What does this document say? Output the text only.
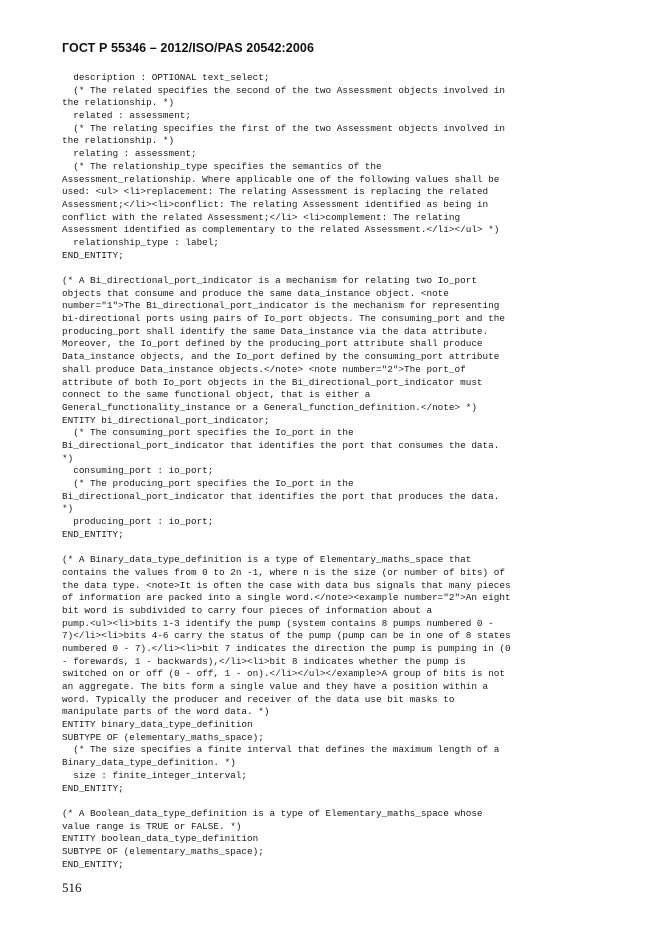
ГОСТ Р 55346 – 2012/ISO/PAS 20542:2006
description : OPTIONAL text_select;
(* The related specifies the second of the two Assessment objects involved in
the relationship. *)
related : assessment;
(* The relating specifies the first of the two Assessment objects involved in
the relationship. *)
relating : assessment;
(* The relationship_type specifies the semantics of the
Assessment_relationship. Where applicable one of the following values shall be
used: <ul> <li>replacement: The relating Assessment is replacing the related
Assessment;</li><li>conflict: The relating Assessment identified as being in
conflict with the related Assessment;</li> <li>complement: The relating
Assessment identified as complementary to the related Assessment.</li></ul> *)
relationship_type : label;
END_ENTITY;
(* A Bi_directional_port_indicator is a mechanism for relating two Io_port
objects that consume and produce the same data_instance object. <note
number="1">The Bi_directional_port_indicator is the mechanism for representing
bi-directional ports using pairs of Io_port objects. The consuming_port and the
producing_port shall identify the same Data_instance via the data attribute.
Moreover, the Io_port defined by the producing_port attribute shall produce
Data_instance objects, and the Io_port defined by the consuming_port attribute
shall produce Data_instance objects.</note> <note number="2">The port_of
attribute of both Io_port objects in the Bi_directional_port_indicator must
connect to the same functional object, that is either a
General_functionality_instance or a General_function_definition.</note> *)
ENTITY bi_directional_port_indicator;
(* The consuming_port specifies the Io_port in the
Bi_directional_port_indicator that identifies the port that consumes the data.
*)
consuming_port : io_port;
(* The producing_port specifies the Io_port in the
Bi_directional_port_indicator that identifies the port that produces the data.
*)
producing_port : io_port;
END_ENTITY;
(* A Binary_data_type_definition is a type of Elementary_maths_space that
contains the values from 0 to 2n -1, where n is the size (or number of bits) of
the data type. <note>It is often the case with data bus signals that many pieces
of information are packed into a single word.</note><example number="2">An eight
bit word is subdivided to carry four pieces of information about a
pump.<ul><li>bits 1-3 identify the pump (system contains 8 pumps numbered 0 -
7)</li><li>bits 4-6 carry the status of the pump (pump can be in one of 8 states
numbered 0 - 7).</li><li>bit 7 indicates the direction the pump is pumping in (0
- forewards, 1 - backwards),</li><li>bit 8 indicates whether the pump is
switched on or off (0 - off, 1 - on).</li></ul></example>A group of bits is not
an aggregate. The bits form a single value and they have a position within a
word. Typically the producer and receiver of the data use bit masks to
manipulate parts of the word data. *)
ENTITY binary_data_type_definition
SUBTYPE OF (elementary_maths_space);
(* The size specifies a finite interval that defines the maximum length of a
Binary_data_type_definition. *)
size : finite_integer_interval;
END_ENTITY;
(* A Boolean_data_type_definition is a type of Elementary_maths_space whose
value range is TRUE or FALSE. *)
ENTITY boolean_data_type_definition
SUBTYPE OF (elementary_maths_space);
END_ENTITY;
516
